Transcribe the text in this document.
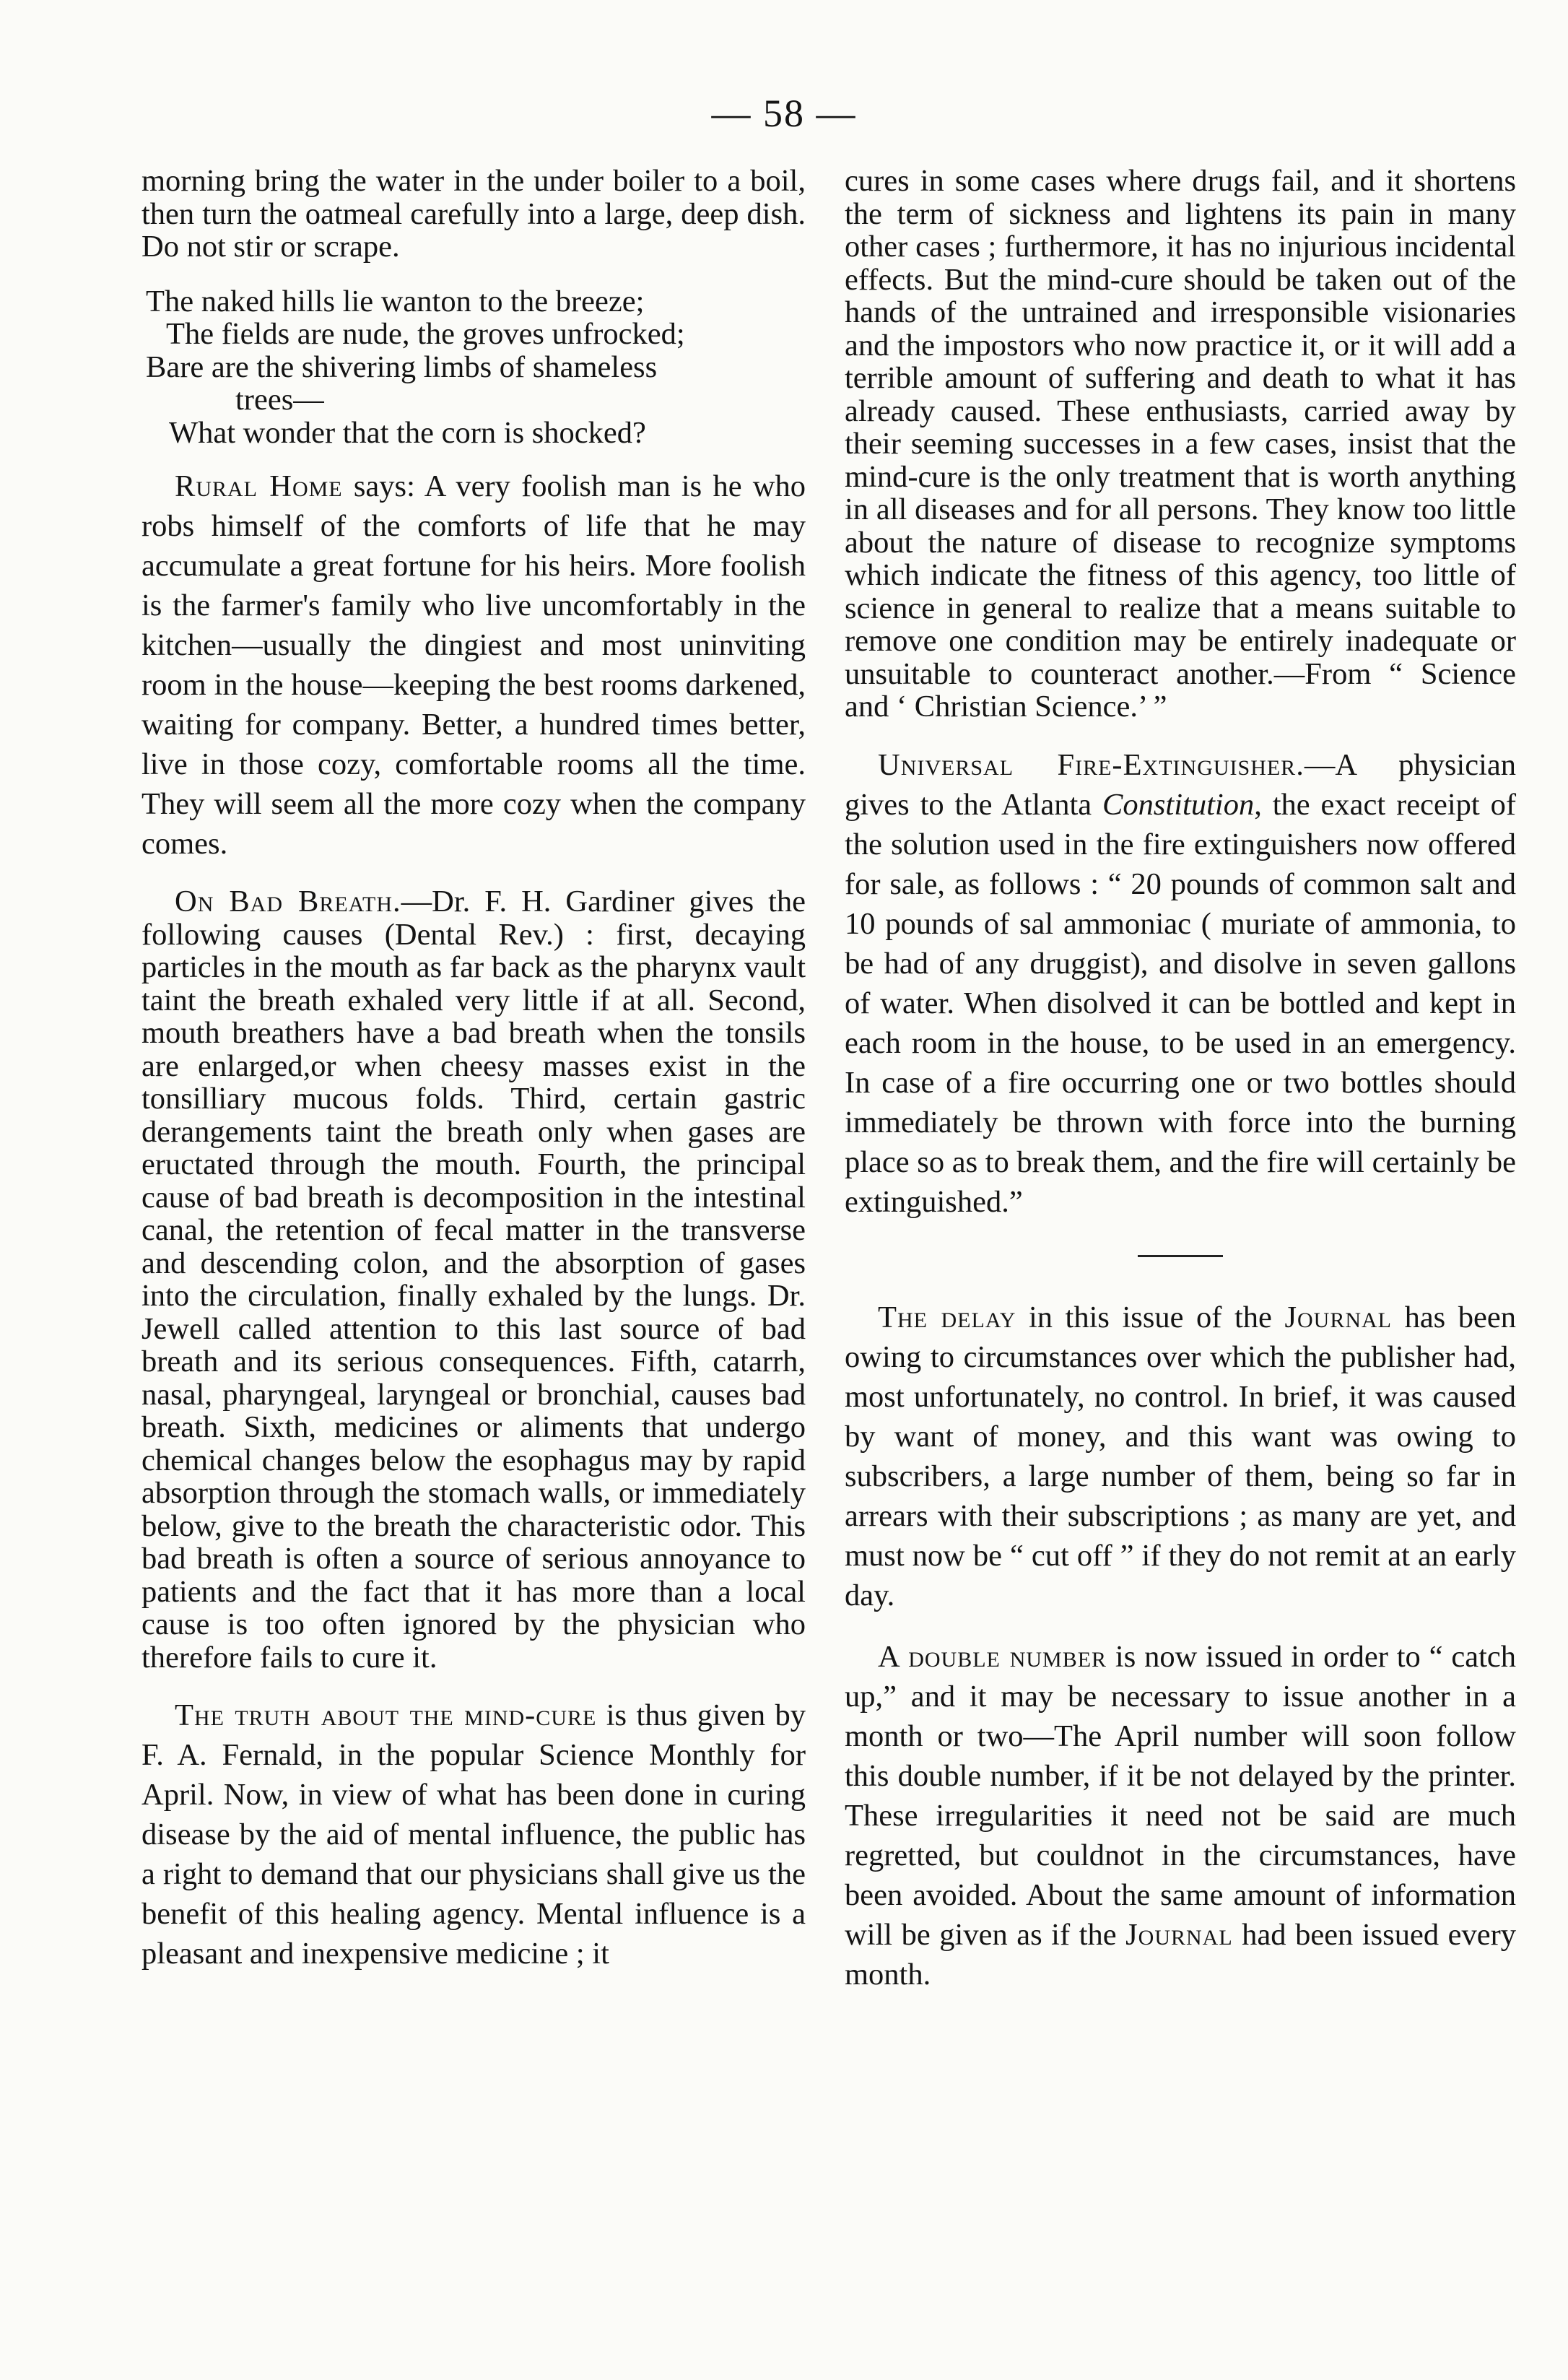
— 58 —

morning bring the water in the under boiler to a boil, then turn the oatmeal carefully into a large, deep dish. Do not stir or scrape.

The naked hills lie wanton to the breeze;
The fields are nude, the groves unfrocked;
Bare are the shivering limbs of shameless
trees—
What wonder that the corn is shocked?

Rural Home says: A very foolish man is he who robs himself of the comforts of life that he may accumulate a great fortune for his heirs. More foolish is the farmer's family who live uncomfortably in the kitchen—usually the dingiest and most uninviting room in the house—keeping the best rooms darkened, waiting for company. Better, a hundred times better, live in those cozy, comfortable rooms all the time. They will seem all the more cozy when the company comes.

On Bad Breath.—Dr. F. H. Gardiner gives the following causes (Dental Rev.) : first, decaying particles in the mouth as far back as the pharynx vault taint the breath exhaled very little if at all. Second, mouth breathers have a bad breath when the tonsils are enlarged,or when cheesy masses exist in the tonsilliary mucous folds. Third, certain gastric derangements taint the breath only when gases are eructated through the mouth. Fourth, the principal cause of bad breath is decomposition in the intestinal canal, the retention of fecal matter in the transverse and descending colon, and the absorption of gases into the circulation, finally exhaled by the lungs. Dr. Jewell called attention to this last source of bad breath and its serious consequences. Fifth, catarrh, nasal, pharyngeal, laryngeal or bronchial, causes bad breath. Sixth, medicines or aliments that undergo chemical changes below the esophagus may by rapid absorption through the stomach walls, or immediately below, give to the breath the characteristic odor. This bad breath is often a source of serious annoyance to patients and the fact that it has more than a local cause is too often ignored by the physician who therefore fails to cure it.

The truth about the mind-cure is thus given by F. A. Fernald, in the popular Science Monthly for April. Now, in view of what has been done in curing disease by the aid of mental influence, the public has a right to demand that our physicians shall give us the benefit of this healing agency. Mental influence is a pleasant and inexpensive medicine ; it

cures in some cases where drugs fail, and it shortens the term of sickness and lightens its pain in many other cases ; furthermore, it has no injurious incidental effects. But the mind-cure should be taken out of the hands of the untrained and irresponsible visionaries and the impostors who now practice it, or it will add a terrible amount of suffering and death to what it has already caused. These enthusiasts, carried away by their seeming successes in a few cases, insist that the mind-cure is the only treatment that is worth anything in all diseases and for all persons. They know too little about the nature of disease to recognize symptoms which indicate the fitness of this agency, too little of science in general to realize that a means suitable to remove one condition may be entirely inadequate or unsuitable to counteract another.—From “ Science and ‘ Christian Science.’ ”

Universal Fire-Extinguisher.—A physician gives to the Atlanta Constitution, the exact receipt of the solution used in the fire extinguishers now offered for sale, as follows : “ 20 pounds of common salt and 10 pounds of sal ammoniac ( muriate of ammonia, to be had of any druggist), and disolve in seven gallons of water. When disolved it can be bottled and kept in each room in the house, to be used in an emergency. In case of a fire occurring one or two bottles should immediately be thrown with force into the burning place so as to break them, and the fire will certainly be extinguished.”

The delay in this issue of the Journal has been owing to circumstances over which the publisher had, most unfortunately, no control. In brief, it was caused by want of money, and this want was owing to subscribers, a large number of them, being so far in arrears with their subscriptions ; as many are yet, and must now be “ cut off ” if they do not remit at an early day.

A double number is now issued in order to “ catch up,” and it may be necessary to issue another in a month or two—The April number will soon follow this double number, if it be not delayed by the printer. These irregularities it need not be said are much regretted, but couldnot in the circumstances, have been avoided. About the same amount of information will be given as if the Journal had been issued every month.
